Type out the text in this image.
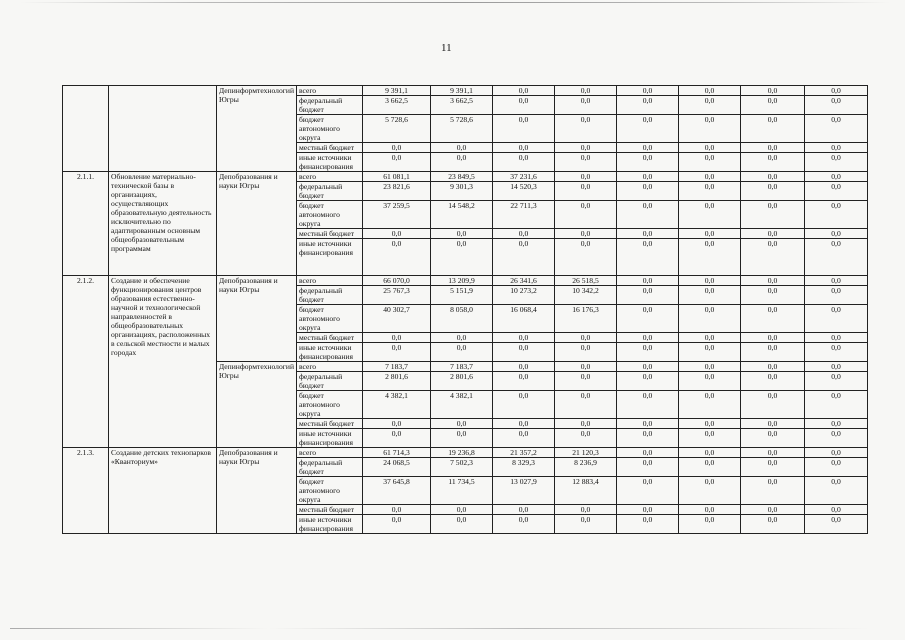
11
		Депинформтехнологий Югры	всего	9 391,1	9 391,1	0,0	0,0	0,0	0,0	0,0	0,0
			федеральный бюджет	3 662,5	3 662,5	0,0	0,0	0,0	0,0	0,0	0,0
			бюджет автономного округа	5 728,6	5 728,6	0,0	0,0	0,0	0,0	0,0	0,0
			местный бюджет	0,0	0,0	0,0	0,0	0,0	0,0	0,0	0,0
			иные источники финансирования	0,0	0,0	0,0	0,0	0,0	0,0	0,0	0,0
2.1.1.	Обновление материально-технической базы в организациях, осуществляющих образовательную деятельность исключительно по адаптированным основным общеобразовательным программам	Депобразования и науки Югры	всего	61 081,1	23 849,5	37 231,6	0,0	0,0	0,0	0,0	0,0
			федеральный бюджет	23 821,6	9 301,3	14 520,3	0,0	0,0	0,0	0,0	0,0
			бюджет автономного округа	37 259,5	14 548,2	22 711,3	0,0	0,0	0,0	0,0	0,0
			местный бюджет	0,0	0,0	0,0	0,0	0,0	0,0	0,0	0,0
			иные источники финансирования	0,0	0,0	0,0	0,0	0,0	0,0	0,0	0,0
2.1.2.	Создание и обеспечение функционирования центров образования естественно-научной и технологической направленностей в общеобразовательных организациях, расположенных в сельской местности и малых городах	Депобразования и науки Югры	всего	66 070,0	13 209,9	26 341,6	26 518,5	0,0	0,0	0,0	0,0
			федеральный бюджет	25 767,3	5 151,9	10 273,2	10 342,2	0,0	0,0	0,0	0,0
			бюджет автономного округа	40 302,7	8 058,0	16 068,4	16 176,3	0,0	0,0	0,0	0,0
			местный бюджет	0,0	0,0	0,0	0,0	0,0	0,0	0,0	0,0
			иные источники финансирования	0,0	0,0	0,0	0,0	0,0	0,0	0,0	0,0
		Депинформтехнологий Югры	всего	7 183,7	7 183,7	0,0	0,0	0,0	0,0	0,0	0,0
			федеральный бюджет	2 801,6	2 801,6	0,0	0,0	0,0	0,0	0,0	0,0
			бюджет автономного округа	4 382,1	4 382,1	0,0	0,0	0,0	0,0	0,0	0,0
			местный бюджет	0,0	0,0	0,0	0,0	0,0	0,0	0,0	0,0
			иные источники финансирования	0,0	0,0	0,0	0,0	0,0	0,0	0,0	0,0
2.1.3.	Создание детских технопарков «Кванториум»	Депобразования и науки Югры	всего	61 714,3	19 236,8	21 357,2	21 120,3	0,0	0,0	0,0	0,0
			федеральный бюджет	24 068,5	7 502,3	8 329,3	8 236,9	0,0	0,0	0,0	0,0
			бюджет автономного округа	37 645,8	11 734,5	13 027,9	12 883,4	0,0	0,0	0,0	0,0
			местный бюджет	0,0	0,0	0,0	0,0	0,0	0,0	0,0	0,0
			иные источники финансирования	0,0	0,0	0,0	0,0	0,0	0,0	0,0	0,0
